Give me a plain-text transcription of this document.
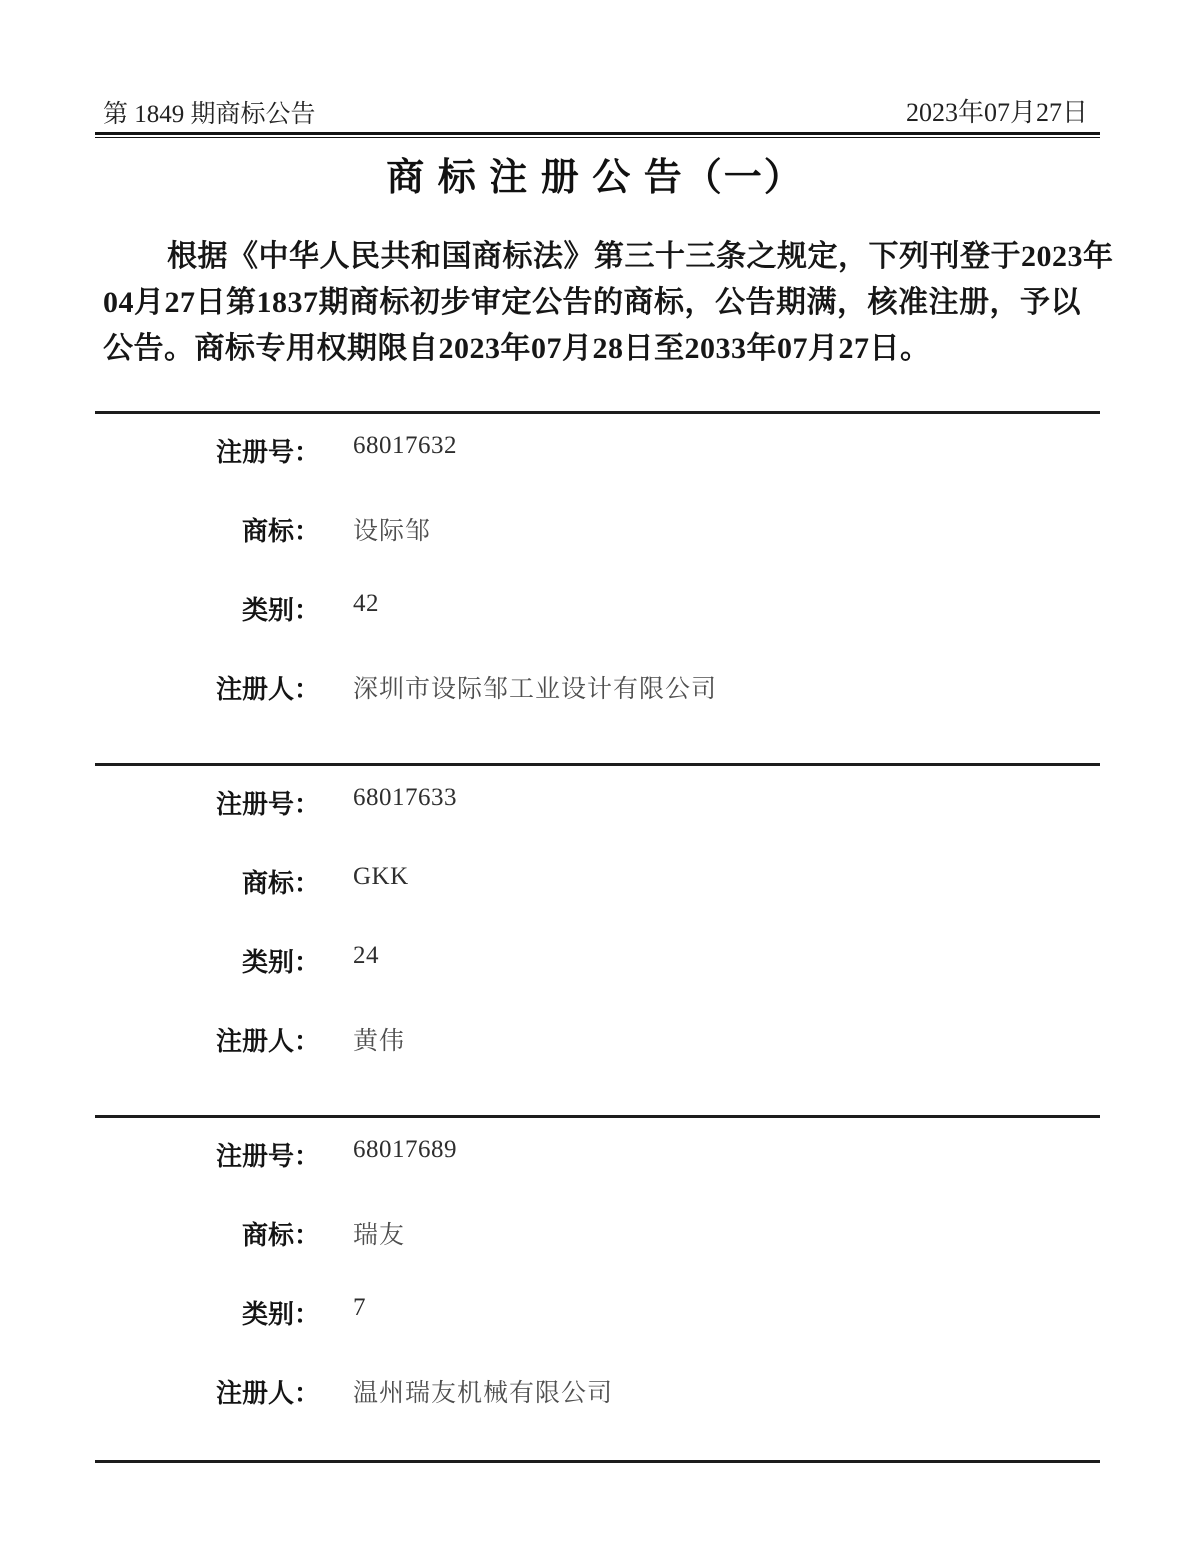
第 1849 期商标公告	2023年07月27日
商 标 注 册 公 告（一）
根据《中华人民共和国商标法》第三十三条之规定，下列刊登于2023年
04月27日第1837期商标初步审定公告的商标，公告期满，核准注册，予以
公告。商标专用权期限自2023年07月28日至2033年07月27日。
注册号： 68017632
商标： 设际邹
类别： 42
注册人： 深圳市设际邹工业设计有限公司
注册号： 68017633
商标： GKK
类别： 24
注册人： 黄伟
注册号： 68017689
商标： 瑞友
类别： 7
注册人： 温州瑞友机械有限公司
